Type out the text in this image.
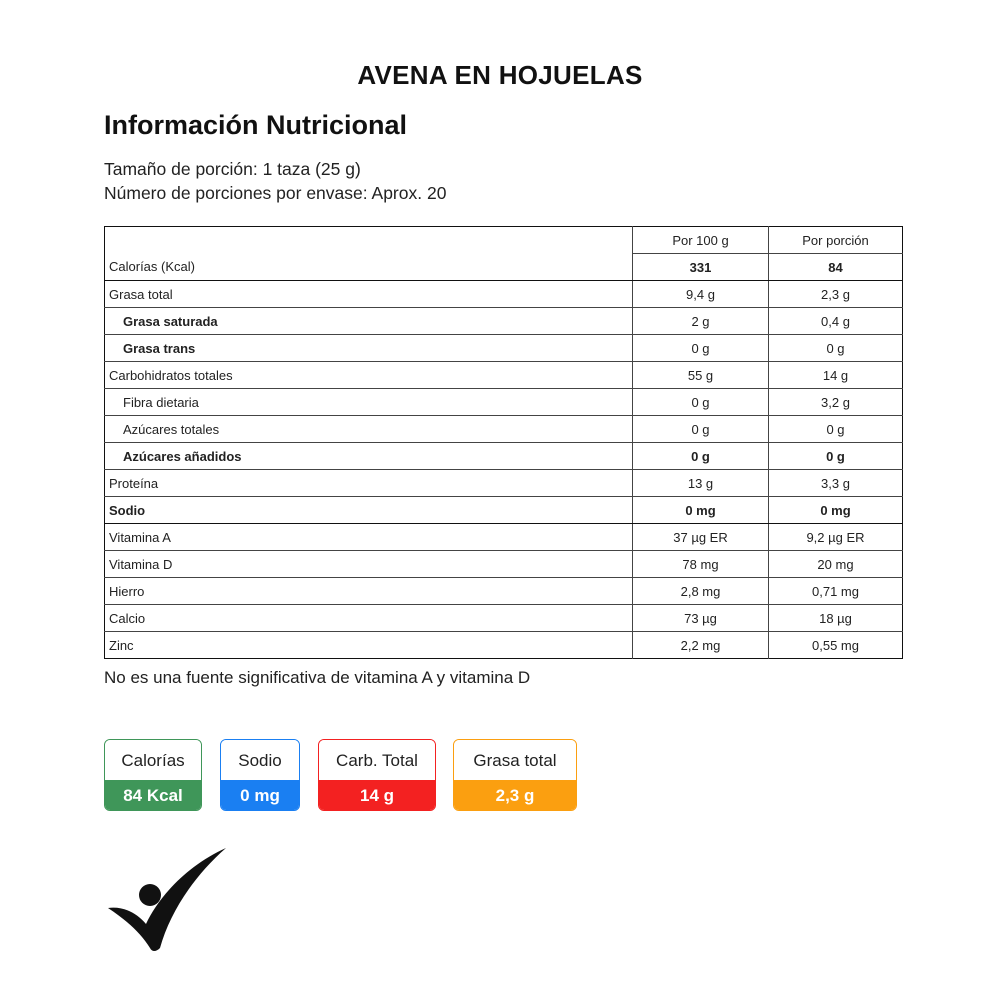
AVENA EN HOJUELAS
Información Nutricional
Tamaño de porción: 1 taza (25 g)
Número de porciones por envase: Aprox. 20
	Por 100 g	Por porción
Calorías (Kcal)	331	84
Grasa total	9,4 g	2,3 g
Grasa saturada	2 g	0,4 g
Grasa trans	0 g	0 g
Carbohidratos totales	55 g	14 g
Fibra dietaria	0 g	3,2 g
Azúcares totales	0 g	0 g
Azúcares añadidos	0 g	0 g
Proteína	13 g	3,3 g
Sodio	0 mg	0 mg
Vitamina A	37 µg ER	9,2 µg ER
Vitamina D	78 mg	20 mg
Hierro	2,8 mg	0,71 mg
Calcio	73 µg	18 µg
Zinc	2,2 mg	0,55 mg
No es una fuente significativa de vitamina A y vitamina D
Calorías
84 Kcal
Sodio
0 mg
Carb. Total
14 g
Grasa total
2,3 g
